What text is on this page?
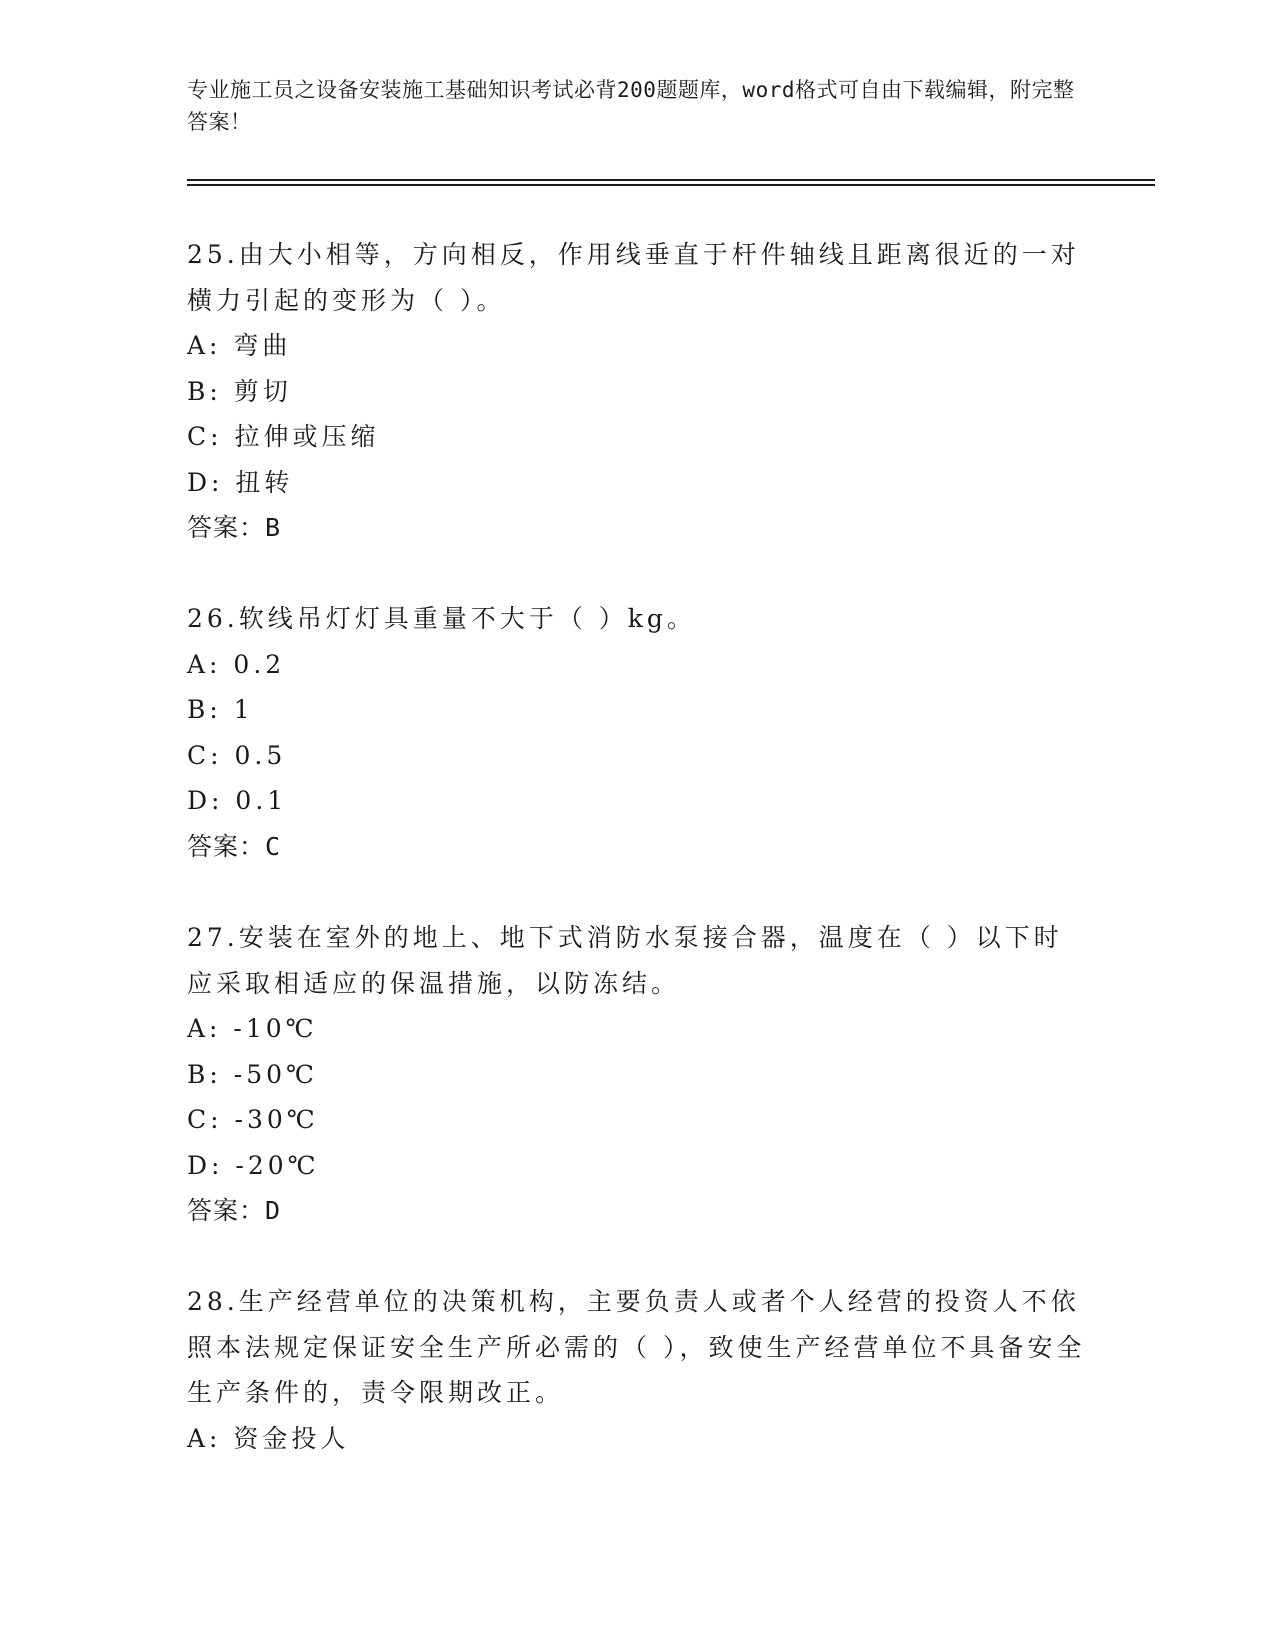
专业施工员之设备安装施工基础知识考试必背200题题库，word格式可自由下载编辑，附完整答案！

25.由大小相等，方向相反，作用线垂直于杆件轴线且距离很近的一对横力引起的变形为（ ）。

A: 弯曲

B: 剪切

C: 拉伸或压缩

D: 扭转

答案：B

26.软线吊灯灯具重量不大于（ ）kg。

A: 0.2

B: 1

C: 0.5

D: 0.1

答案：C

27.安装在室外的地上、地下式消防水泵接合器，温度在（ ）以下时应采取相适应的保温措施，以防冻结。

A: -10℃

B: -50℃

C: -30℃

D: -20℃

答案：D

28.生产经营单位的决策机构，主要负责人或者个人经营的投资人不依照本法规定保证安全生产所必需的（ ），致使生产经营单位不具备安全生产条件的，责令限期改正。

A: 资金投人
